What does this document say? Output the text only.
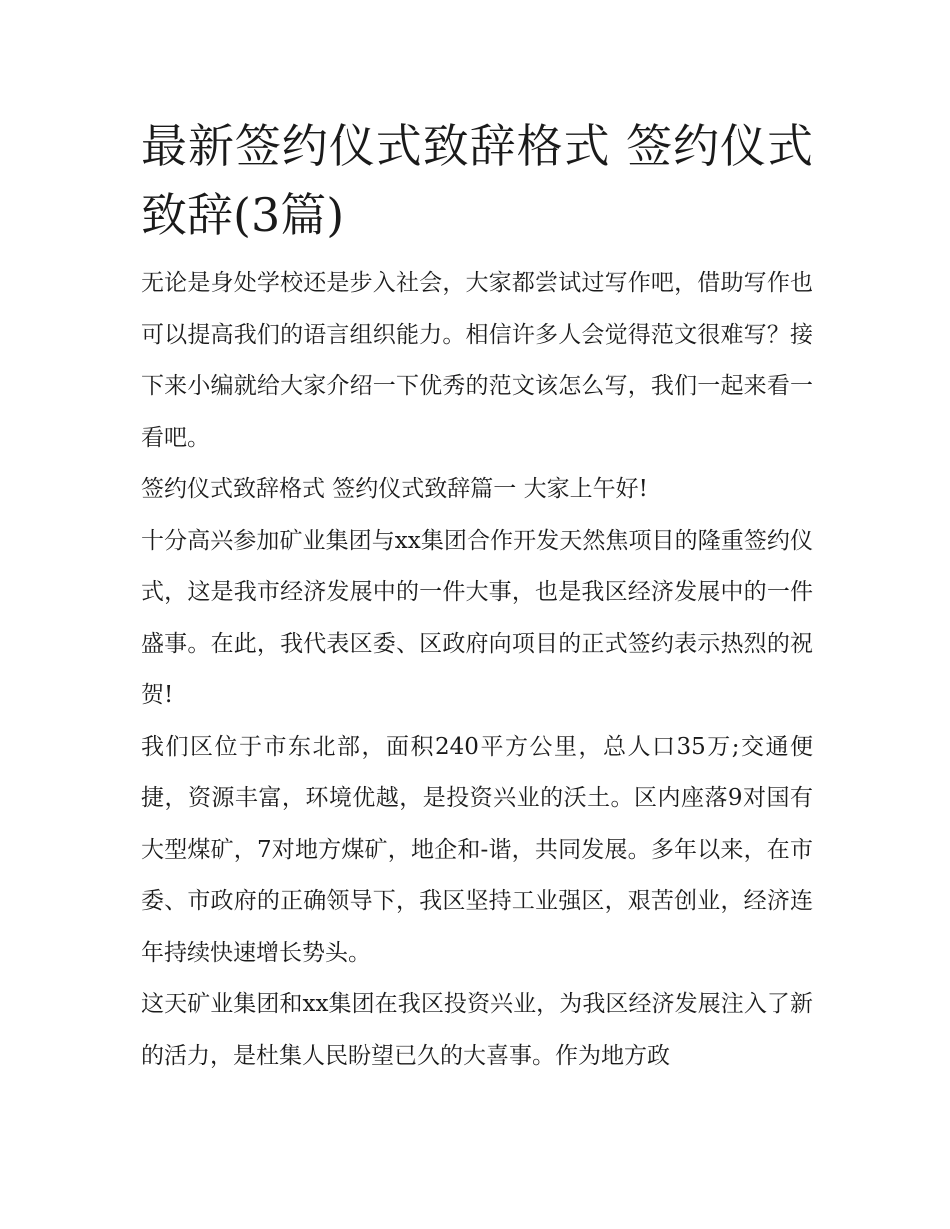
最新签约仪式致辞格式 签约仪式致辞(3篇)

无论是身处学校还是步入社会，大家都尝试过写作吧，借助写作也可以提高我们的语言组织能力。相信许多人会觉得范文很难写？接下来小编就给大家介绍一下优秀的范文该怎么写，我们一起来看一看吧。

签约仪式致辞格式 签约仪式致辞篇一 大家上午好!

十分高兴参加矿业集团与xx集团合作开发天然焦项目的隆重签约仪式，这是我市经济发展中的一件大事，也是我区经济发展中的一件盛事。在此，我代表区委、区政府向项目的正式签约表示热烈的祝贺!

我们区位于市东北部，面积240平方公里，总人口35万;交通便捷，资源丰富，环境优越，是投资兴业的沃土。区内座落9对国有大型煤矿，7对地方煤矿，地企和-谐，共同发展。多年以来，在市委、市政府的正确领导下，我区坚持工业强区，艰苦创业，经济连年持续快速增长势头。

这天矿业集团和xx集团在我区投资兴业，为我区经济发展注入了新的活力，是杜集人民盼望已久的大喜事。作为地方政
